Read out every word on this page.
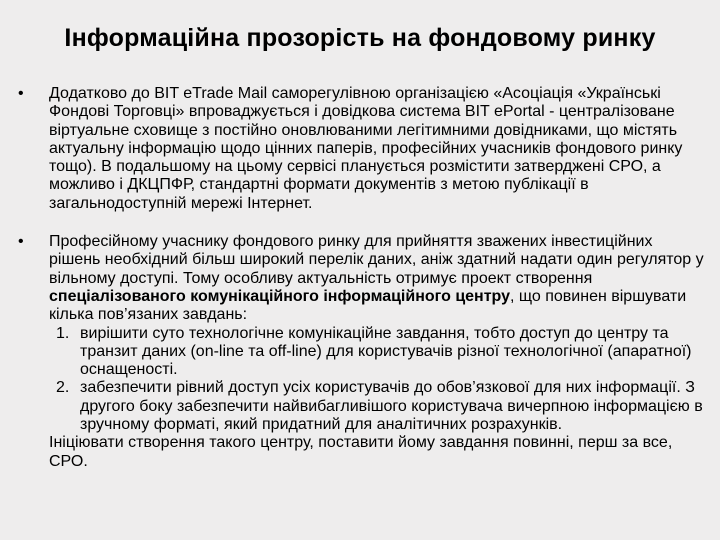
Інформаційна прозорість на фондовому ринку
• Додатково до BIT eTrade Mail саморегулівною організацією «Асоціація «Українські Фондові Торговці» впроваджується і довідкова система BIT ePortal - централізоване віртуальне сховище з постійно оновлюваними легітимними довідниками, що містять актуальну інформацію щодо цінних паперів, професійних учасників фондового ринку тощо). В подальшому на цьому сервісі планується розмістити затверджені СРО, а можливо і ДКЦПФР, стандартні формати документів з метою публікації в загальнодоступній мережі Інтернет.
• Професійному учаснику фондового ринку для прийняття зважених інвестиційних рішень необхідний більш широкий перелік даних, аніж здатний надати один регулятор у вільному доступі. Тому особливу актуальність отримує проект створення спеціалізованого комунікаційного інформаційного центру, що повинен віршувати кілька пов’язаних завдань:
1. вирішити суто технологічне комунікаційне завдання, тобто доступ до центру та транзит даних (on-line та off-line) для користувачів різної технологічної (апаратної) оснащеності.
2. забезпечити рівний доступ усіх користувачів до обов’язкової для них інформації. З другого боку забезпечити найвибагливішого користувача вичерпною інформацією в зручному форматі, який придатний для аналітичних розрахунків.
Ініціювати створення такого центру, поставити йому завдання повинні, перш за все, СРО.
